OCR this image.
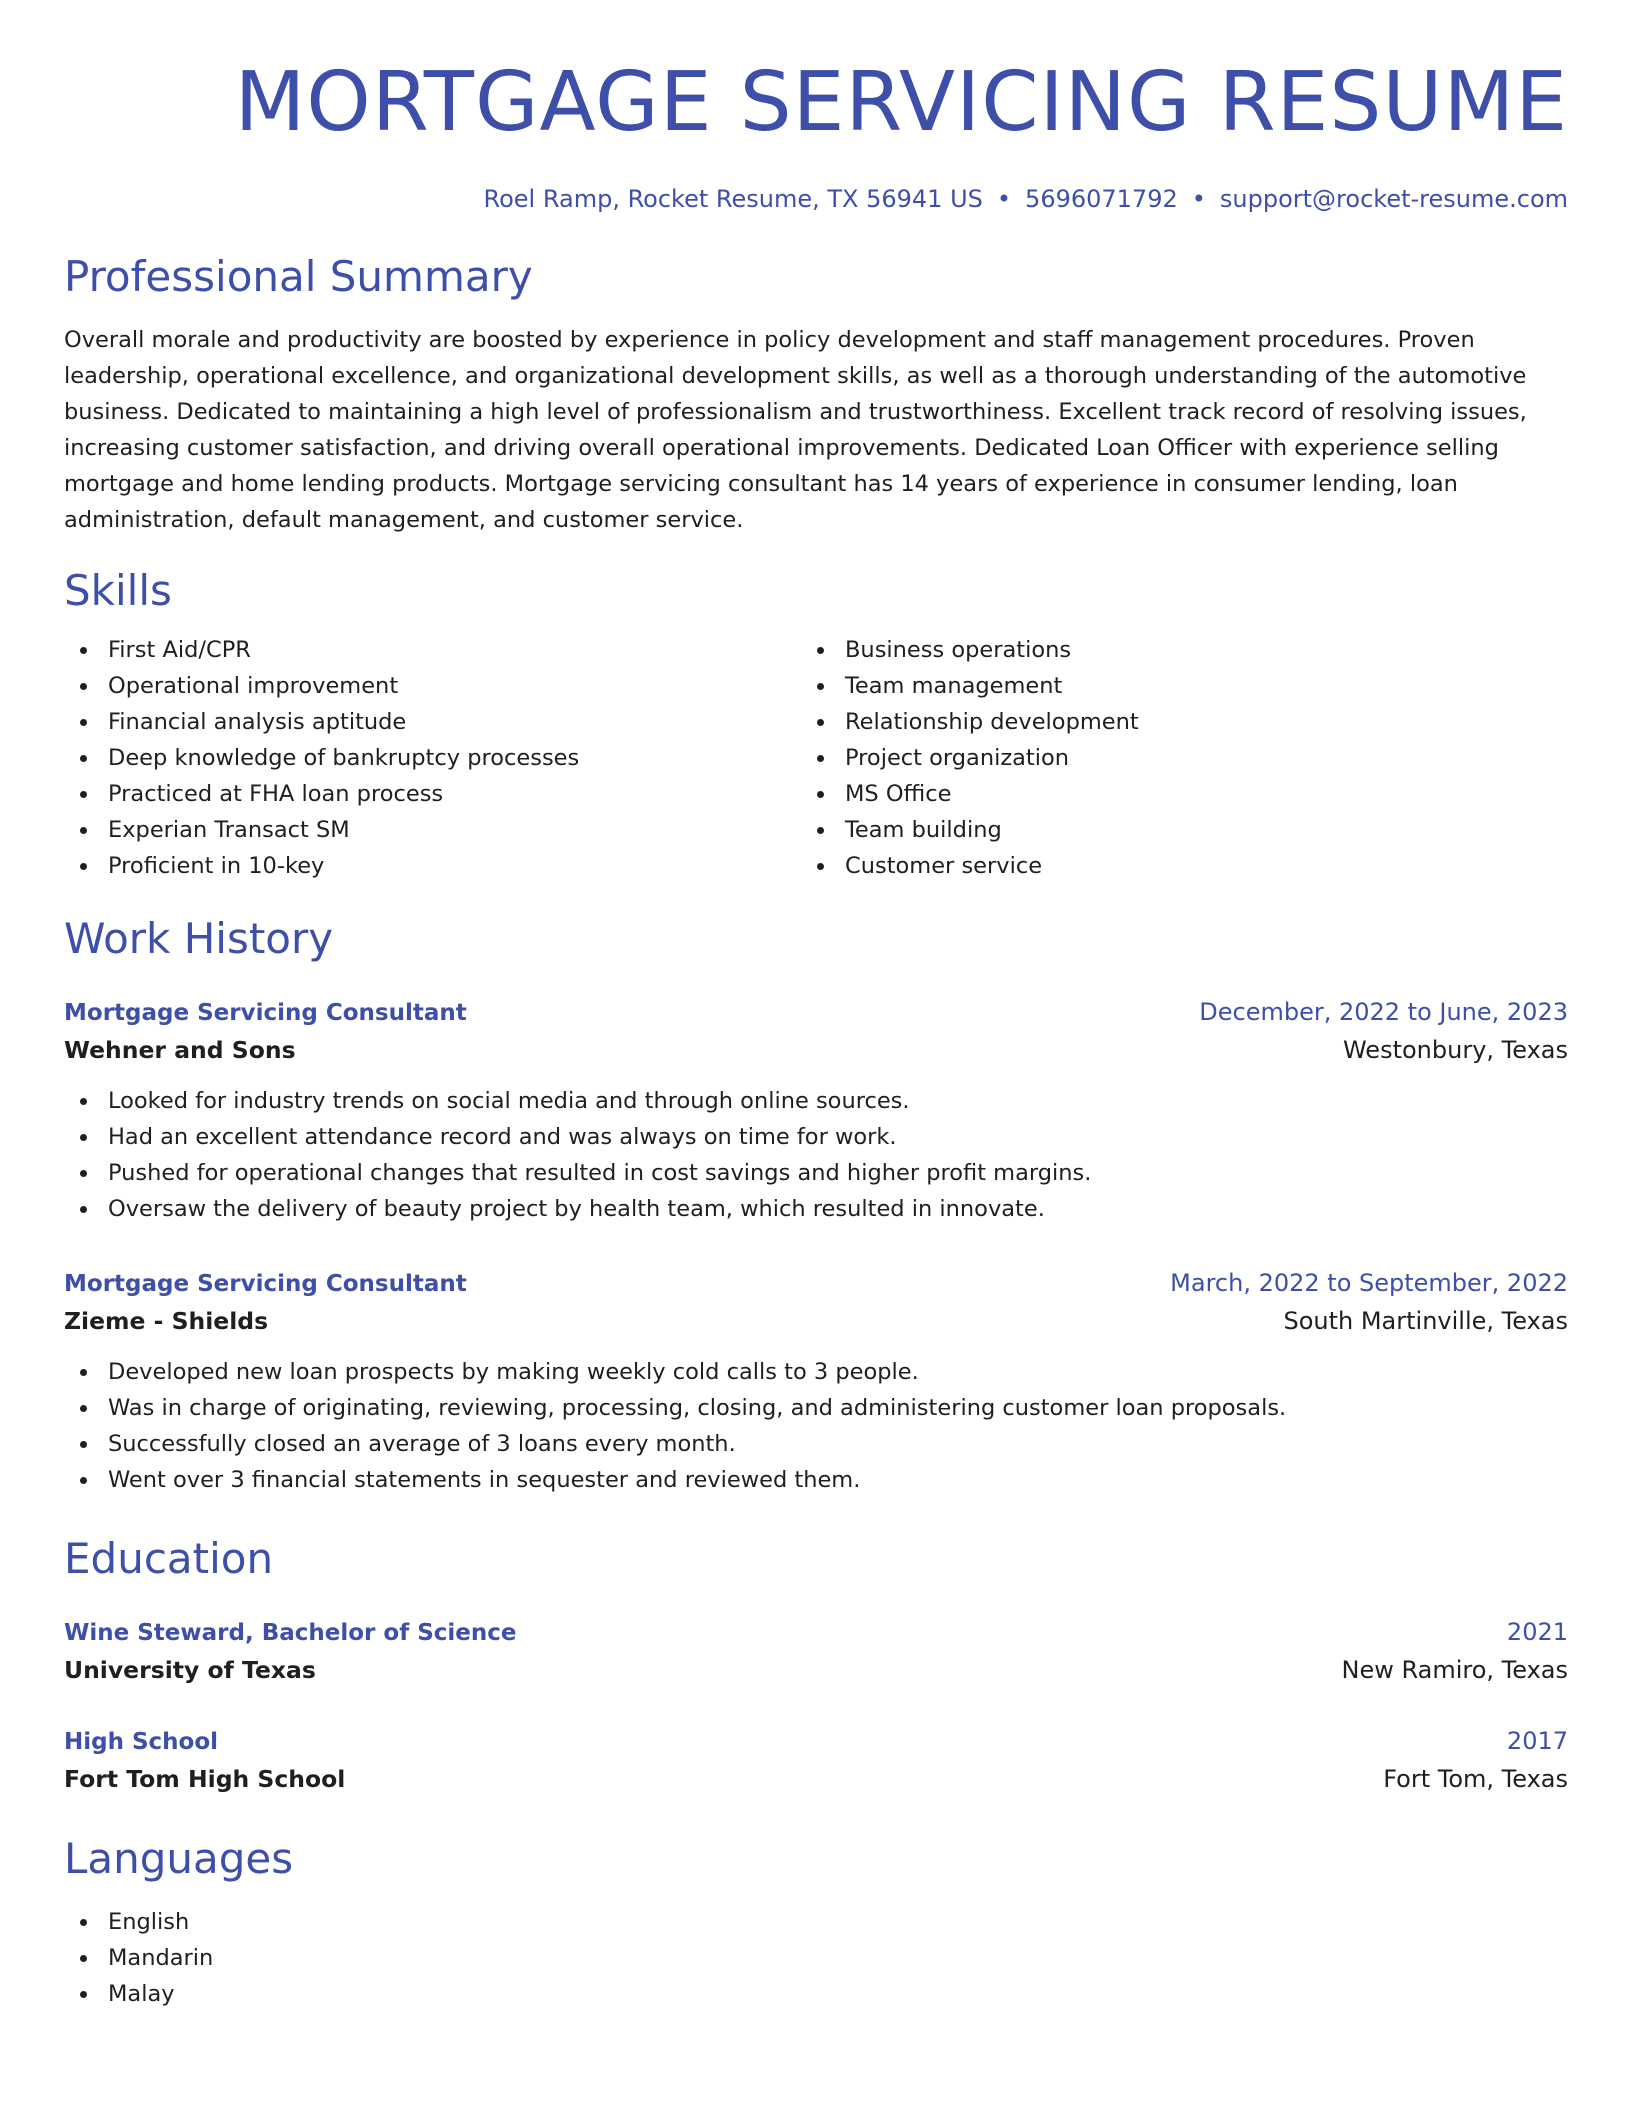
MORTGAGE SERVICING RESUME
Roel Ramp, Rocket Resume, TX 56941 US • 5696071792 • support@rocket-resume.com
Professional Summary
Overall morale and productivity are boosted by experience in policy development and staff management procedures. Proven leadership, operational excellence, and organizational development skills, as well as a thorough understanding of the automotive business. Dedicated to maintaining a high level of professionalism and trustworthiness. Excellent track record of resolving issues, increasing customer satisfaction, and driving overall operational improvements. Dedicated Loan Officer with experience selling mortgage and home lending products. Mortgage servicing consultant has 14 years of experience in consumer lending, loan administration, default management, and customer service.
Skills
First Aid/CPR
Operational improvement
Financial analysis aptitude
Deep knowledge of bankruptcy processes
Practiced at FHA loan process
Experian Transact SM
Proficient in 10-key
Business operations
Team management
Relationship development
Project organization
MS Office
Team building
Customer service
Work History
Mortgage Servicing Consultant	December, 2022 to June, 2023
Wehner and Sons	Westonbury, Texas
Looked for industry trends on social media and through online sources.
Had an excellent attendance record and was always on time for work.
Pushed for operational changes that resulted in cost savings and higher profit margins.
Oversaw the delivery of beauty project by health team, which resulted in innovate.
Mortgage Servicing Consultant	March, 2022 to September, 2022
Zieme - Shields	South Martinville, Texas
Developed new loan prospects by making weekly cold calls to 3 people.
Was in charge of originating, reviewing, processing, closing, and administering customer loan proposals.
Successfully closed an average of 3 loans every month.
Went over 3 financial statements in sequester and reviewed them.
Education
Wine Steward, Bachelor of Science	2021
University of Texas	New Ramiro, Texas
High School	2017
Fort Tom High School	Fort Tom, Texas
Languages
English
Mandarin
Malay
